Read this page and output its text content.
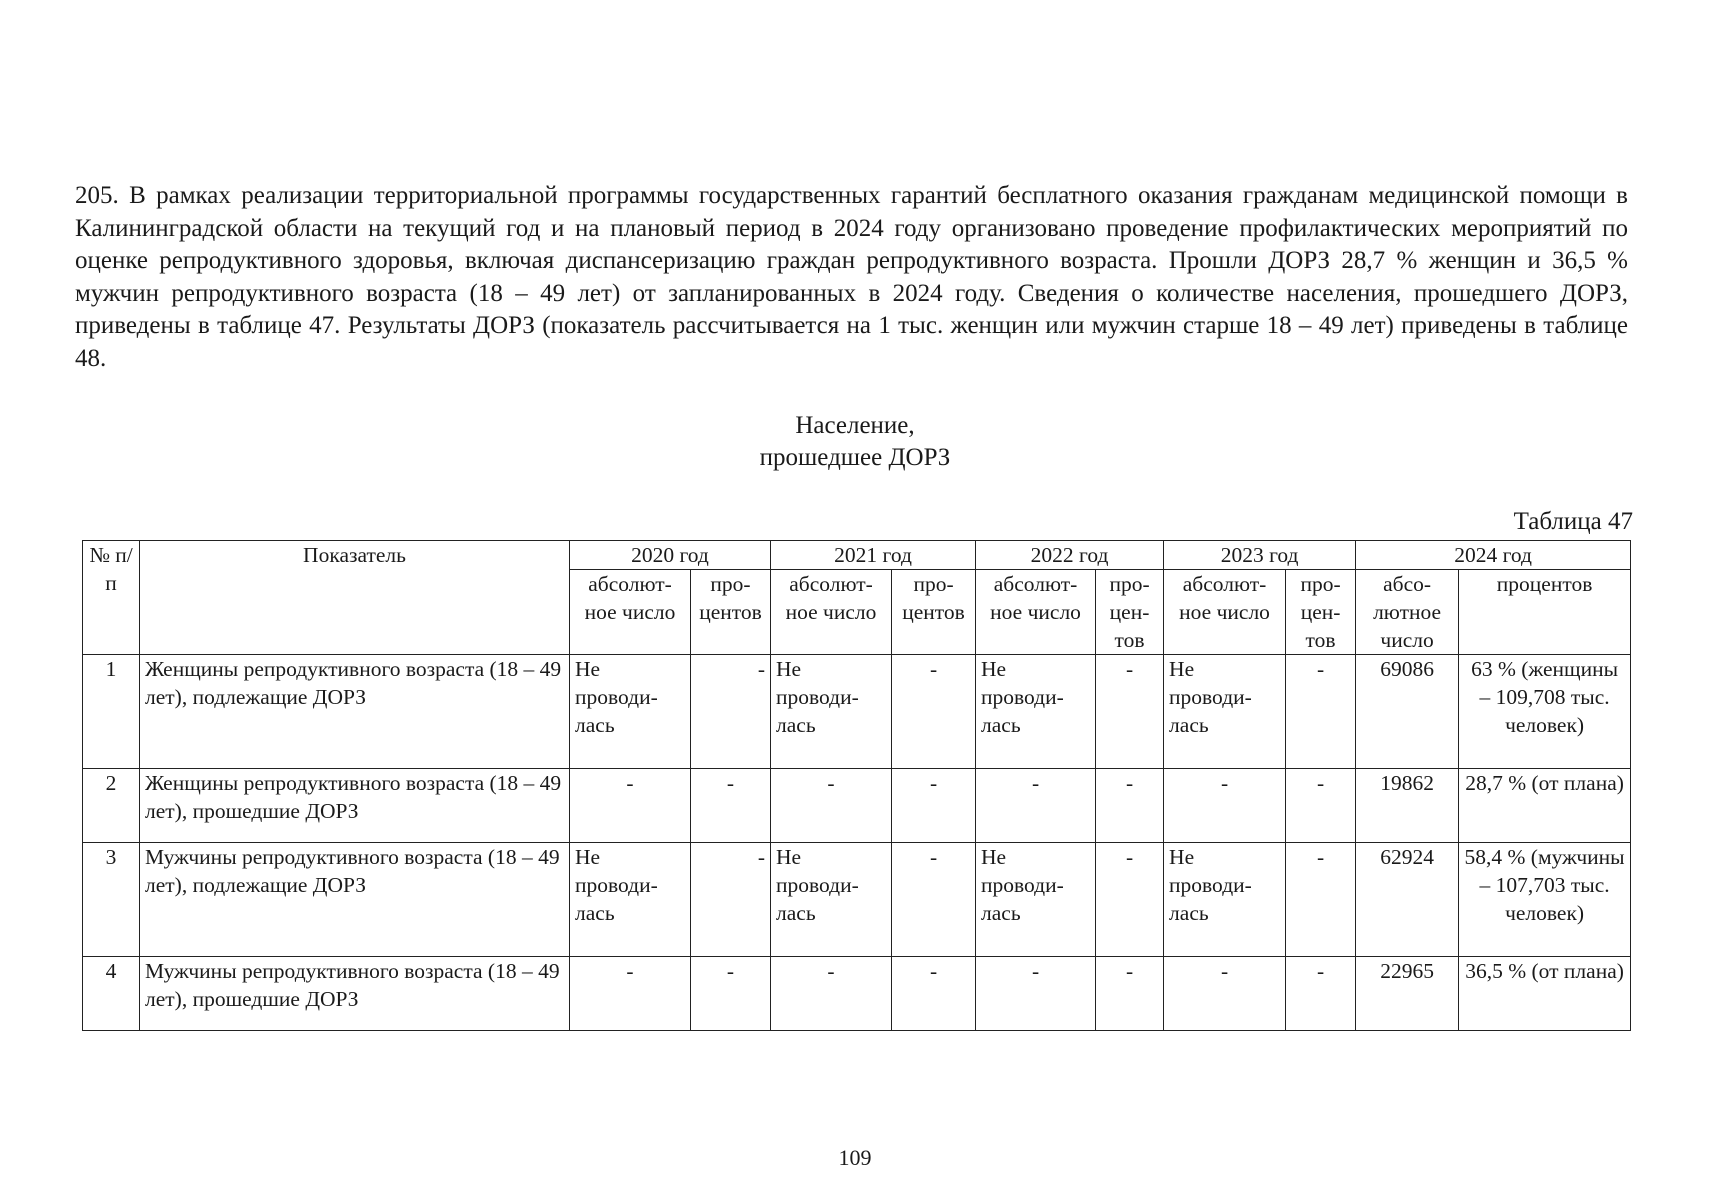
205. В рамках реализации территориальной программы государственных гарантий бесплатного оказания гражданам медицинской помощи в Калининградской области на текущий год и на плановый период в 2024 году организовано проведение профилактических мероприятий по оценке репродуктивного здоровья, включая диспансеризацию граждан репродуктивного возраста. Прошли ДОРЗ 28,7 % женщин и 36,5 % мужчин репродуктивного возраста (18 – 49 лет) от запланированных в 2024 году. Сведения о количестве населения, прошедшего ДОРЗ, приведены в таблице 47. Результаты ДОРЗ (показатель рассчитывается на 1 тыс. женщин или мужчин старше 18 – 49 лет) приведены в таблице 48.

Население,
прошедшее ДОРЗ
Таблица 47
№ п/п	Показатель	2020 год		2021 год		2022 год		2023 год		2024 год	
		абсолют-ное число	про-центов	абсолют-ное число	про-центов	абсолют-ное число	про-цен-тов	абсолют-ное число	про-цен-тов	абсо-лютное число	процентов
1	Женщины репродуктивного возраста (18 – 49 лет), подлежащие ДОРЗ	Не проводи-лась	-	Не проводи-лась	-	Не проводи-лась	-	Не проводи-лась	-	69086	63 % (женщины – 109,708 тыс. человек)
2	Женщины репродуктивного возраста (18 – 49 лет), прошедшие ДОРЗ	-	-	-	-	-	-	-	-	19862	28,7 % (от плана)
3	Мужчины репродуктивного возраста (18 – 49 лет), подлежащие ДОРЗ	Не проводи-лась	-	Не проводи-лась	-	Не проводи-лась	-	Не проводи-лась	-	62924	58,4 % (мужчины – 107,703 тыс. человек)
4	Мужчины репродуктивного возраста (18 – 49 лет), прошедшие ДОРЗ	-	-	-	-	-	-	-	-	22965	36,5 % (от плана)
109
